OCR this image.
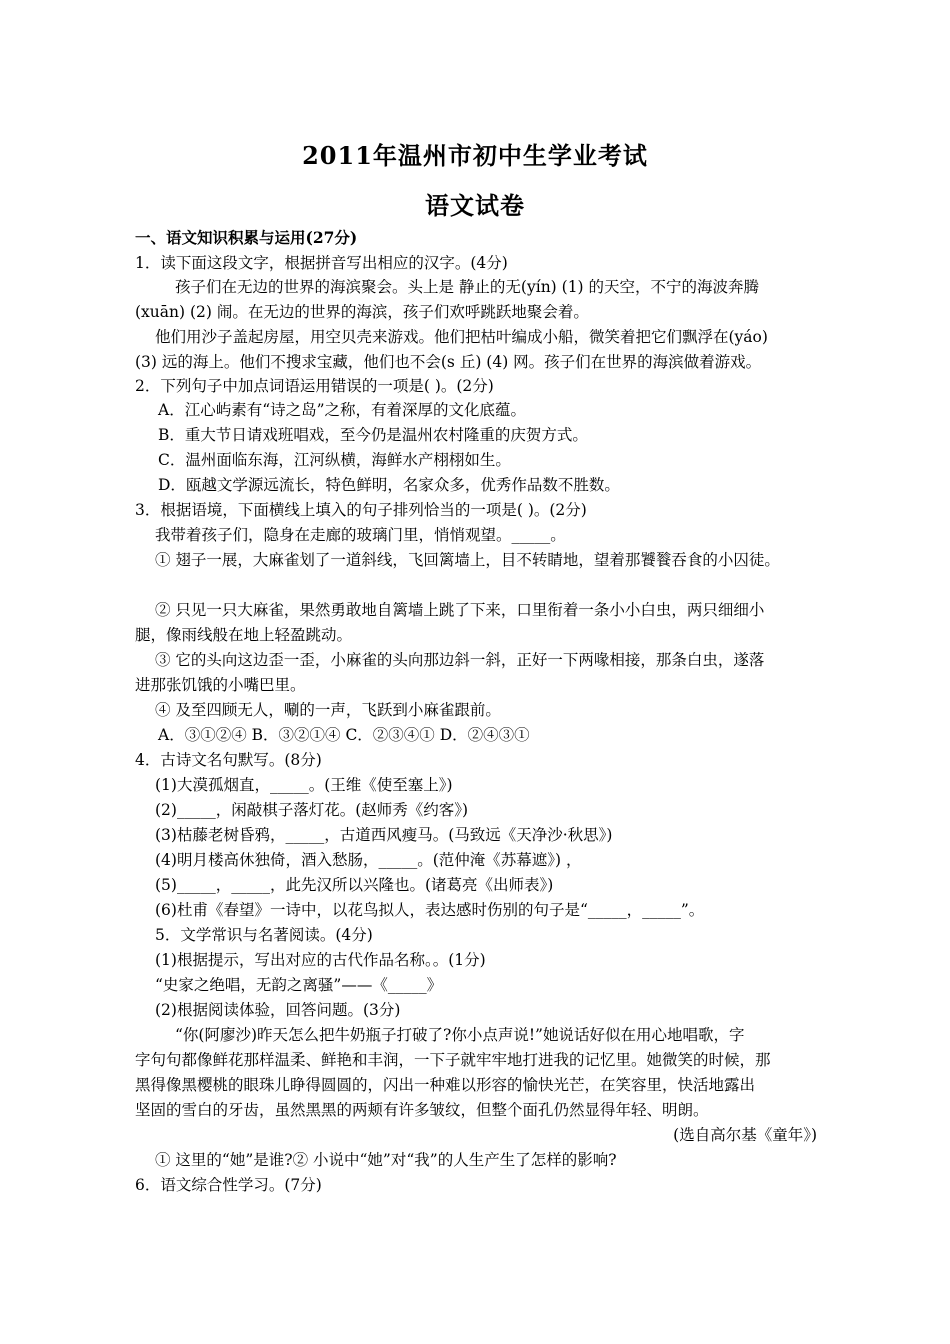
2011年温州市初中生学业考试
语文试卷
一、语文知识积累与运用(27分)
1．读下面这段文字，根据拼音写出相应的汉字。(4分)
孩子们在无边的世界的海滨聚会。头上是 静止的无(yín) (1) 的天空，不宁的海波奔腾
(xuān) (2) 闹。在无边的世界的海滨，孩子们欢呼跳跃地聚会着。
他们用沙子盖起房屋，用空贝壳来游戏。他们把枯叶编成小船，微笑着把它们飘浮在(yáo)
(3) 远的海上。他们不搜求宝藏，他们也不会(s 丘) (4) 网。孩子们在世界的海滨做着游戏。
2．下列句子中加点词语运用错误的一项是( )。(2分)
A．江心屿素有“诗之岛”之称，有着深厚的文化底蕴。
B．重大节日请戏班唱戏，至今仍是温州农村隆重的庆贺方式。
C．温州面临东海，江河纵横，海鲜水产栩栩如生。
D．瓯越文学源远流长，特色鲜明，名家众多，优秀作品数不胜数。
3．根据语境，下面横线上填入的句子排列恰当的一项是( )。(2分)
我带着孩子们，隐身在走廊的玻璃门里，悄悄观望。_____。
① 翅子一展，大麻雀划了一道斜线，飞回篱墙上，目不转睛地，望着那饕餮吞食的小囚徒。
② 只见一只大麻雀，果然勇敢地自篱墙上跳了下来，口里衔着一条小小白虫，两只细细小
腿，像雨线般在地上轻盈跳动。
③ 它的头向这边歪一歪，小麻雀的头向那边斜一斜，正好一下两喙相接，那条白虫，遂落
进那张饥饿的小嘴巴里。
④ 及至四顾无人，唰的一声，飞跃到小麻雀跟前。
A．③①②④ B．③②①④ C．②③④① D．②④③①
4．古诗文名句默写。(8分)
(1)大漠孤烟直，_____。(王维《使至塞上》)
(2)_____，闲敲棋子落灯花。(赵师秀《约客》)
(3)枯藤老树昏鸦，_____，古道西风瘦马。(马致远《天净沙·秋思》)
(4)明月楼高休独倚，酒入愁肠，_____。(范仲淹《苏幕遮》) ，
(5)_____，_____，此先汉所以兴隆也。(诸葛亮《出师表》)
(6)杜甫《春望》一诗中，以花鸟拟人，表达感时伤别的句子是“_____，_____”。
5．文学常识与名著阅读。(4分)
(1)根据提示，写出对应的古代作品名称。。(1分)
“史家之绝唱，无韵之离骚”——《_____》
(2)根据阅读体验，回答问题。(3分)
“你(阿廖沙)昨天怎么把牛奶瓶子打破了?你小点声说!”她说话好似在用心地唱歌，字
字句句都像鲜花那样温柔、鲜艳和丰润，一下子就牢牢地打进我的记忆里。她微笑的时候，那
黑得像黑樱桃的眼珠儿睁得圆圆的，闪出一种难以形容的愉快光芒，在笑容里，快活地露出
坚固的雪白的牙齿，虽然黑黑的两颊有许多皱纹，但整个面孔仍然显得年轻、明朗。
(选自高尔基《童年》)
① 这里的“她”是谁?② 小说中“她”对“我”的人生产生了怎样的影响?
6．语文综合性学习。(7分)
